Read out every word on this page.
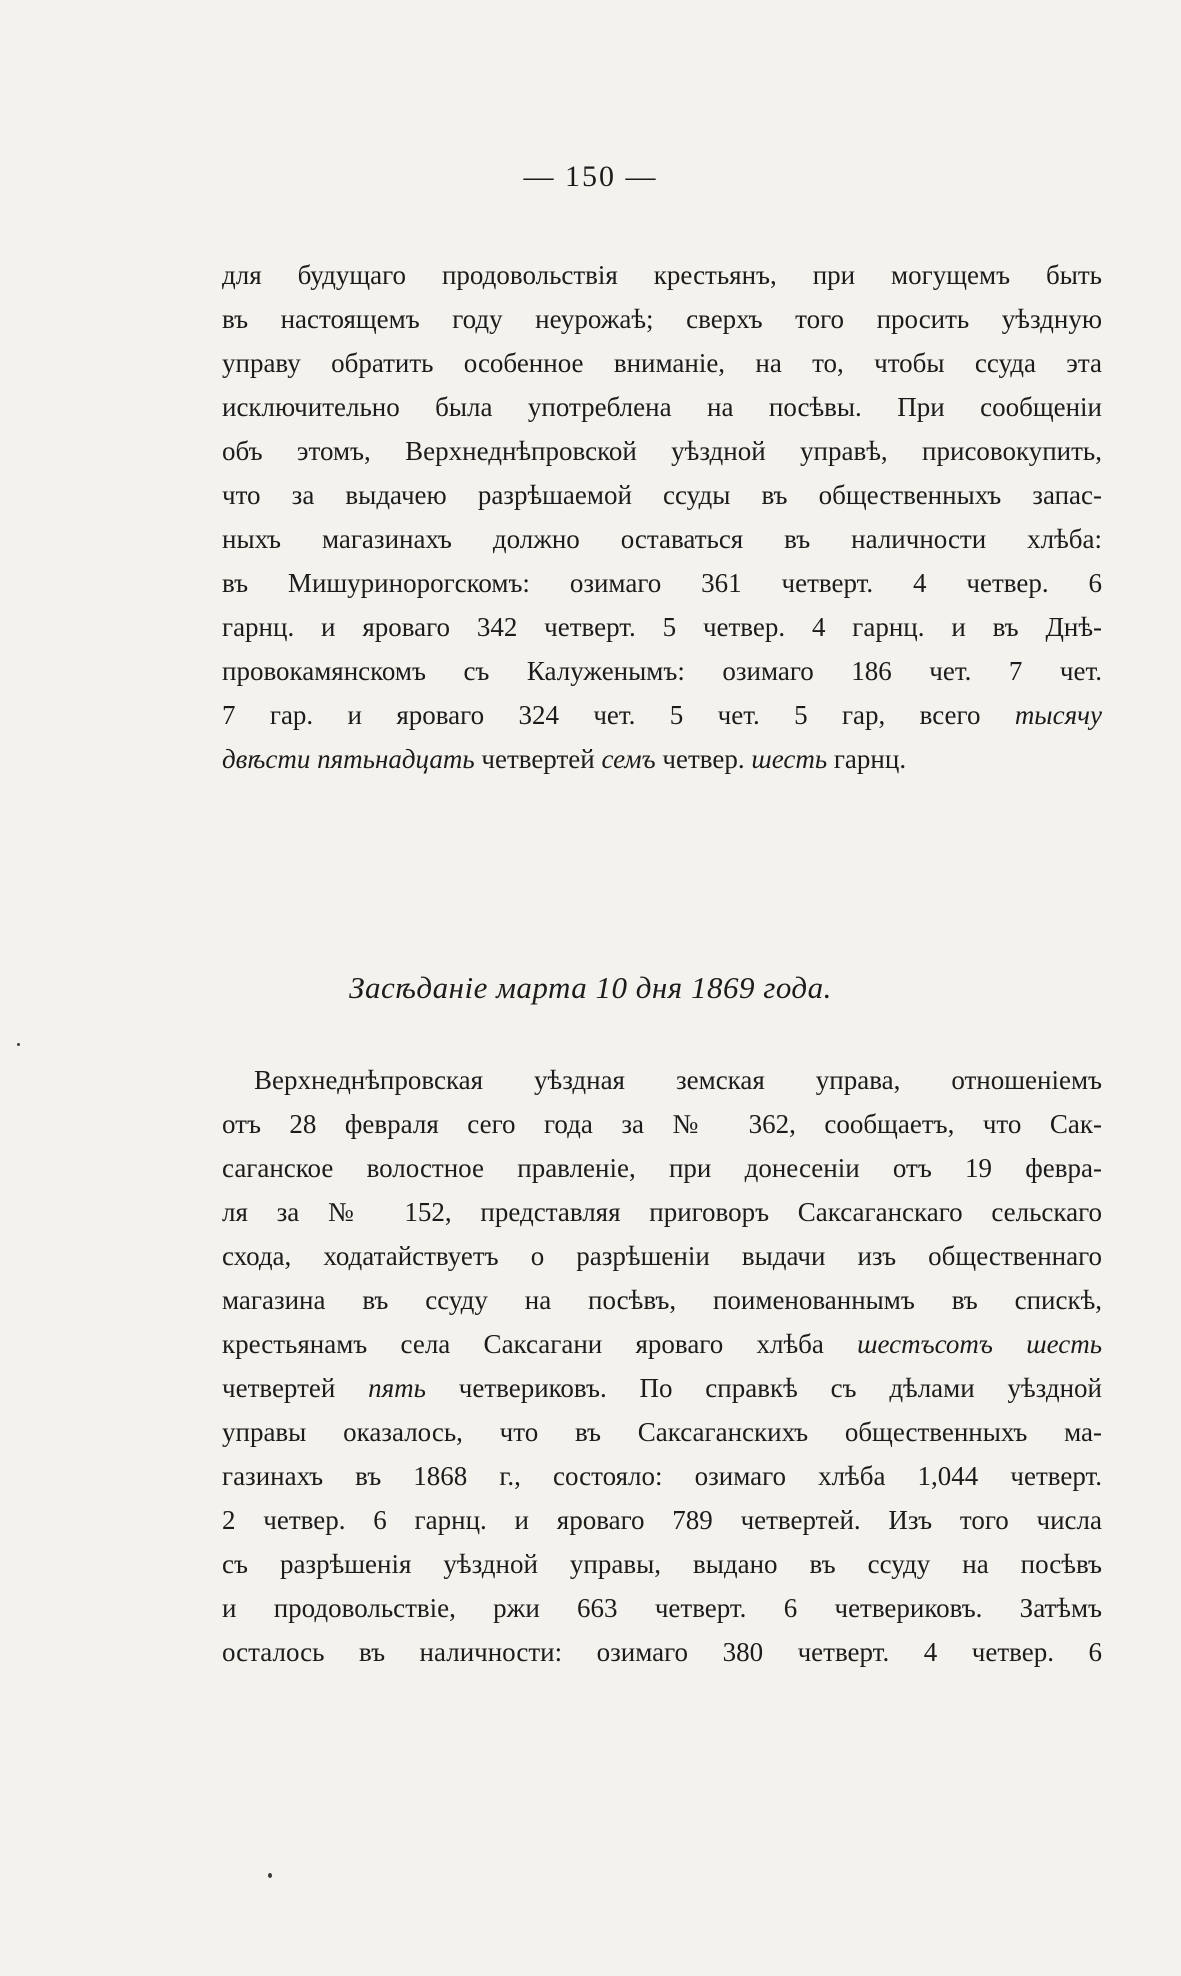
— 150 —
для будущаго продовольствія крестьянъ, при могущемъ быть
въ настоящемъ году неурожаѣ; сверхъ того просить уѣздную
управу обратить особенное вниманіе, на то, чтобы ссуда эта
исключительно была употреблена на посѣвы. При сообщеніи
объ этомъ, Верхнеднѣпровской уѣздной управѣ, присовокупить,
что за выдачею разрѣшаемой ссуды въ общественныхъ запас-
ныхъ магазинахъ должно оставаться въ наличности хлѣба:
въ Мишуринорогскомъ: озимаго 361 четверт. 4 четвер. 6
гарнц. и яроваго 342 четверт. 5 четвер. 4 гарнц. и въ Днѣ-
провокамянскомъ съ Калуженымъ: озимаго 186 чет. 7 чет.
7 гар. и яроваго 324 чет. 5 чет. 5 гар, всего тысячу
двѣсти пятьнадцать четвертей семъ четвер. шесть гарнц.
Засѣданіе марта 10 дня 1869 года.
Верхнеднѣпровская уѣздная земская управа, отношеніемъ
отъ 28 февраля сего года за № 362, сообщаетъ, что Сак-
саганское волостное правленіе, при донесеніи отъ 19 февра-
ля за № 152, представляя приговоръ Саксаганскаго сельскаго
схода, ходатайствуетъ о разрѣшеніи выдачи изъ общественнаго
магазина въ ссуду на посѣвъ, поименованнымъ въ спискѣ,
крестьянамъ села Саксагани яроваго хлѣба шестъсотъ шесть
четвертей пять четвериковъ. По справкѣ съ дѣлами уѣздной
управы оказалось, что въ Саксаганскихъ общественныхъ ма-
газинахъ въ 1868 г., состояло: озимаго хлѣба 1,044 четверт.
2 четвер. 6 гарнц. и яроваго 789 четвертей. Изъ того числа
съ разрѣшенія уѣздной управы, выдано въ ссуду на посѣвъ
и продовольствіе, ржи 663 четверт. 6 четвериковъ. Затѣмъ
осталось въ наличности: озимаго 380 четверт. 4 четвер. 6
